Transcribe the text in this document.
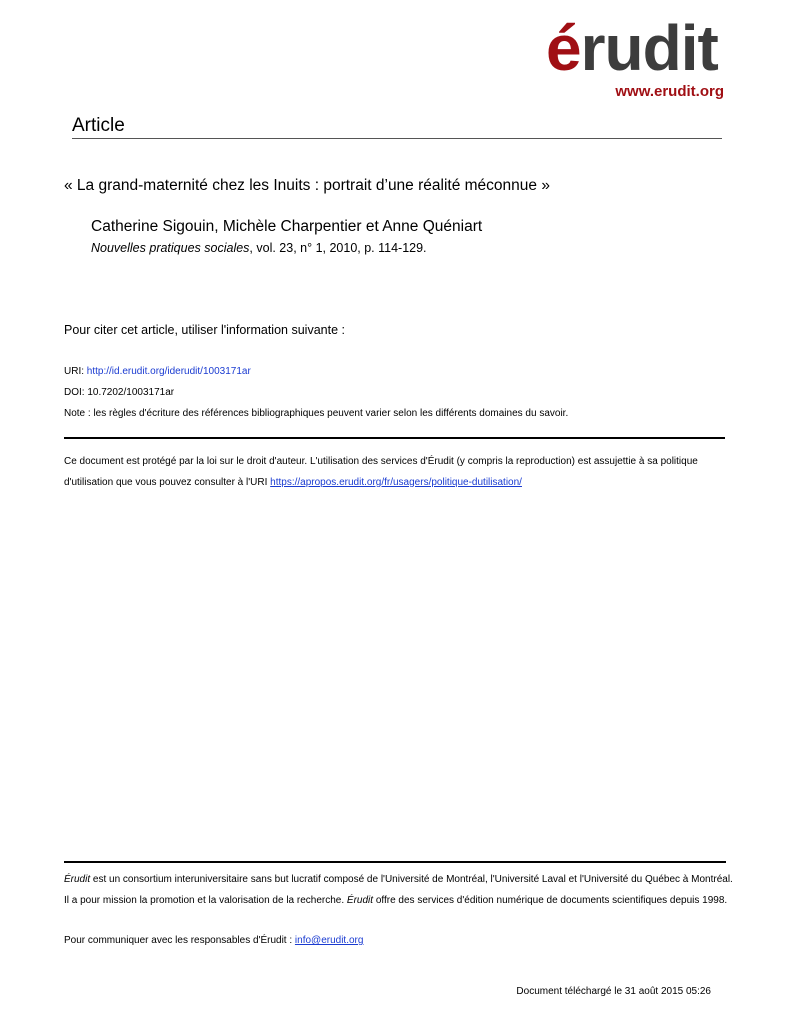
érudit
www.erudit.org
Article
« La grand-maternité chez les Inuits : portrait d’une réalité méconnue »
Catherine Sigouin, Michèle Charpentier et Anne Quéniart
Nouvelles pratiques sociales, vol. 23, n° 1, 2010, p. 114-129.
Pour citer cet article, utiliser l'information suivante :
URI: http://id.erudit.org/iderudit/1003171ar
DOI: 10.7202/1003171ar
Note : les règles d'écriture des références bibliographiques peuvent varier selon les différents domaines du savoir.
Ce document est protégé par la loi sur le droit d'auteur. L'utilisation des services d'Érudit (y compris la reproduction) est assujettie à sa politique d'utilisation que vous pouvez consulter à l'URI https://apropos.erudit.org/fr/usagers/politique-dutilisation/
Érudit est un consortium interuniversitaire sans but lucratif composé de l'Université de Montréal, l'Université Laval et l'Université du Québec à Montréal. Il a pour mission la promotion et la valorisation de la recherche. Érudit offre des services d'édition numérique de documents scientifiques depuis 1998.
Pour communiquer avec les responsables d'Érudit : info@erudit.org
Document téléchargé le 31 août 2015 05:26
